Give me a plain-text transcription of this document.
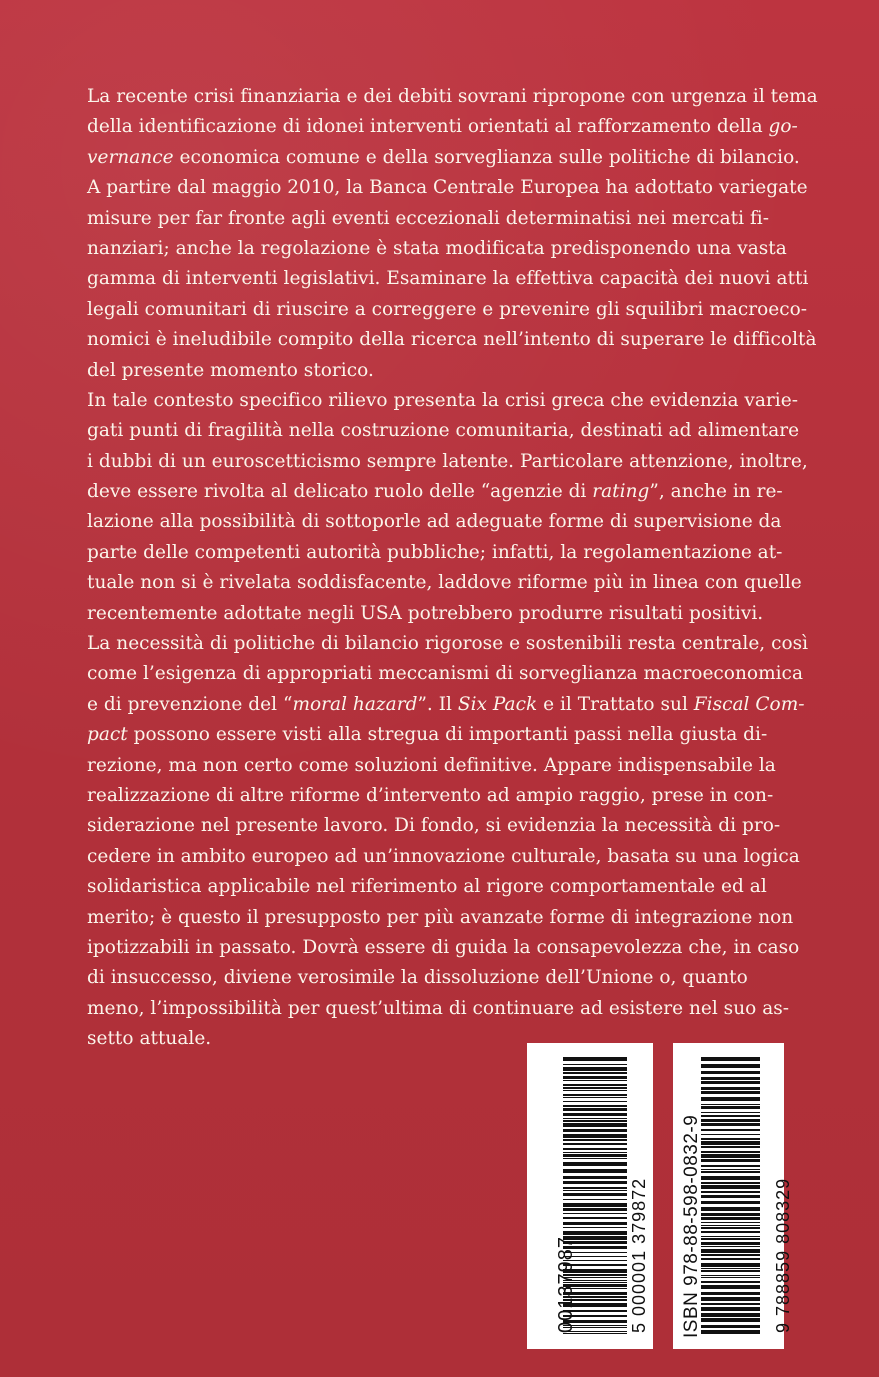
La recente crisi finanziaria e dei debiti sovrani ripropone con urgenza il tema
della identificazione di idonei interventi orientati al rafforzamento della go-
vernance economica comune e della sorveglianza sulle politiche di bilancio.
A partire dal maggio 2010, la Banca Centrale Europea ha adottato variegate
misure per far fronte agli eventi eccezionali determinatisi nei mercati fi-
nanziari; anche la regolazione è stata modificata predisponendo una vasta
gamma di interventi legislativi. Esaminare la effettiva capacità dei nuovi atti
legali comunitari di riuscire a correggere e prevenire gli squilibri macroeco-
nomici è ineludibile compito della ricerca nell’intento di superare le difficoltà
del presente momento storico.

In tale contesto specifico rilievo presenta la crisi greca che evidenzia varie-
gati punti di fragilità nella costruzione comunitaria, destinati ad alimentare
i dubbi di un euroscetticismo sempre latente. Particolare attenzione, inoltre,
deve essere rivolta al delicato ruolo delle “agenzie di rating”, anche in re-
lazione alla possibilità di sottoporle ad adeguate forme di supervisione da
parte delle competenti autorità pubbliche; infatti, la regolamentazione at-
tuale non si è rivelata soddisfacente, laddove riforme più in linea con quelle
recentemente adottate negli USA potrebbero produrre risultati positivi.

La necessità di politiche di bilancio rigorose e sostenibili resta centrale, così
come l’esigenza di appropriati meccanismi di sorveglianza macroeconomica
e di prevenzione del “moral hazard”. Il Six Pack e il Trattato sul Fiscal Com-
pact possono essere visti alla stregua di importanti passi nella giusta di-
rezione, ma non certo come soluzioni definitive. Appare indispensabile la
realizzazione di altre riforme d’intervento ad ampio raggio, prese in con-
siderazione nel presente lavoro. Di fondo, si evidenzia la necessità di pro-
cedere in ambito europeo ad un’innovazione culturale, basata su una logica
solidaristica applicabile nel riferimento al rigore comportamentale ed al
merito; è questo il presupposto per più avanzate forme di integrazione non
ipotizzabili in passato. Dovrà essere di guida la consapevolezza che, in caso
di insuccesso, diviene verosimile la dissoluzione dell’Unione o, quanto
meno, l’impossibilità per quest’ultima di continuare ad esistere nel suo as-
setto attuale.

00137987	5 000001 379872 ISBN 978-88-598-0832-9	9 788859 808329
